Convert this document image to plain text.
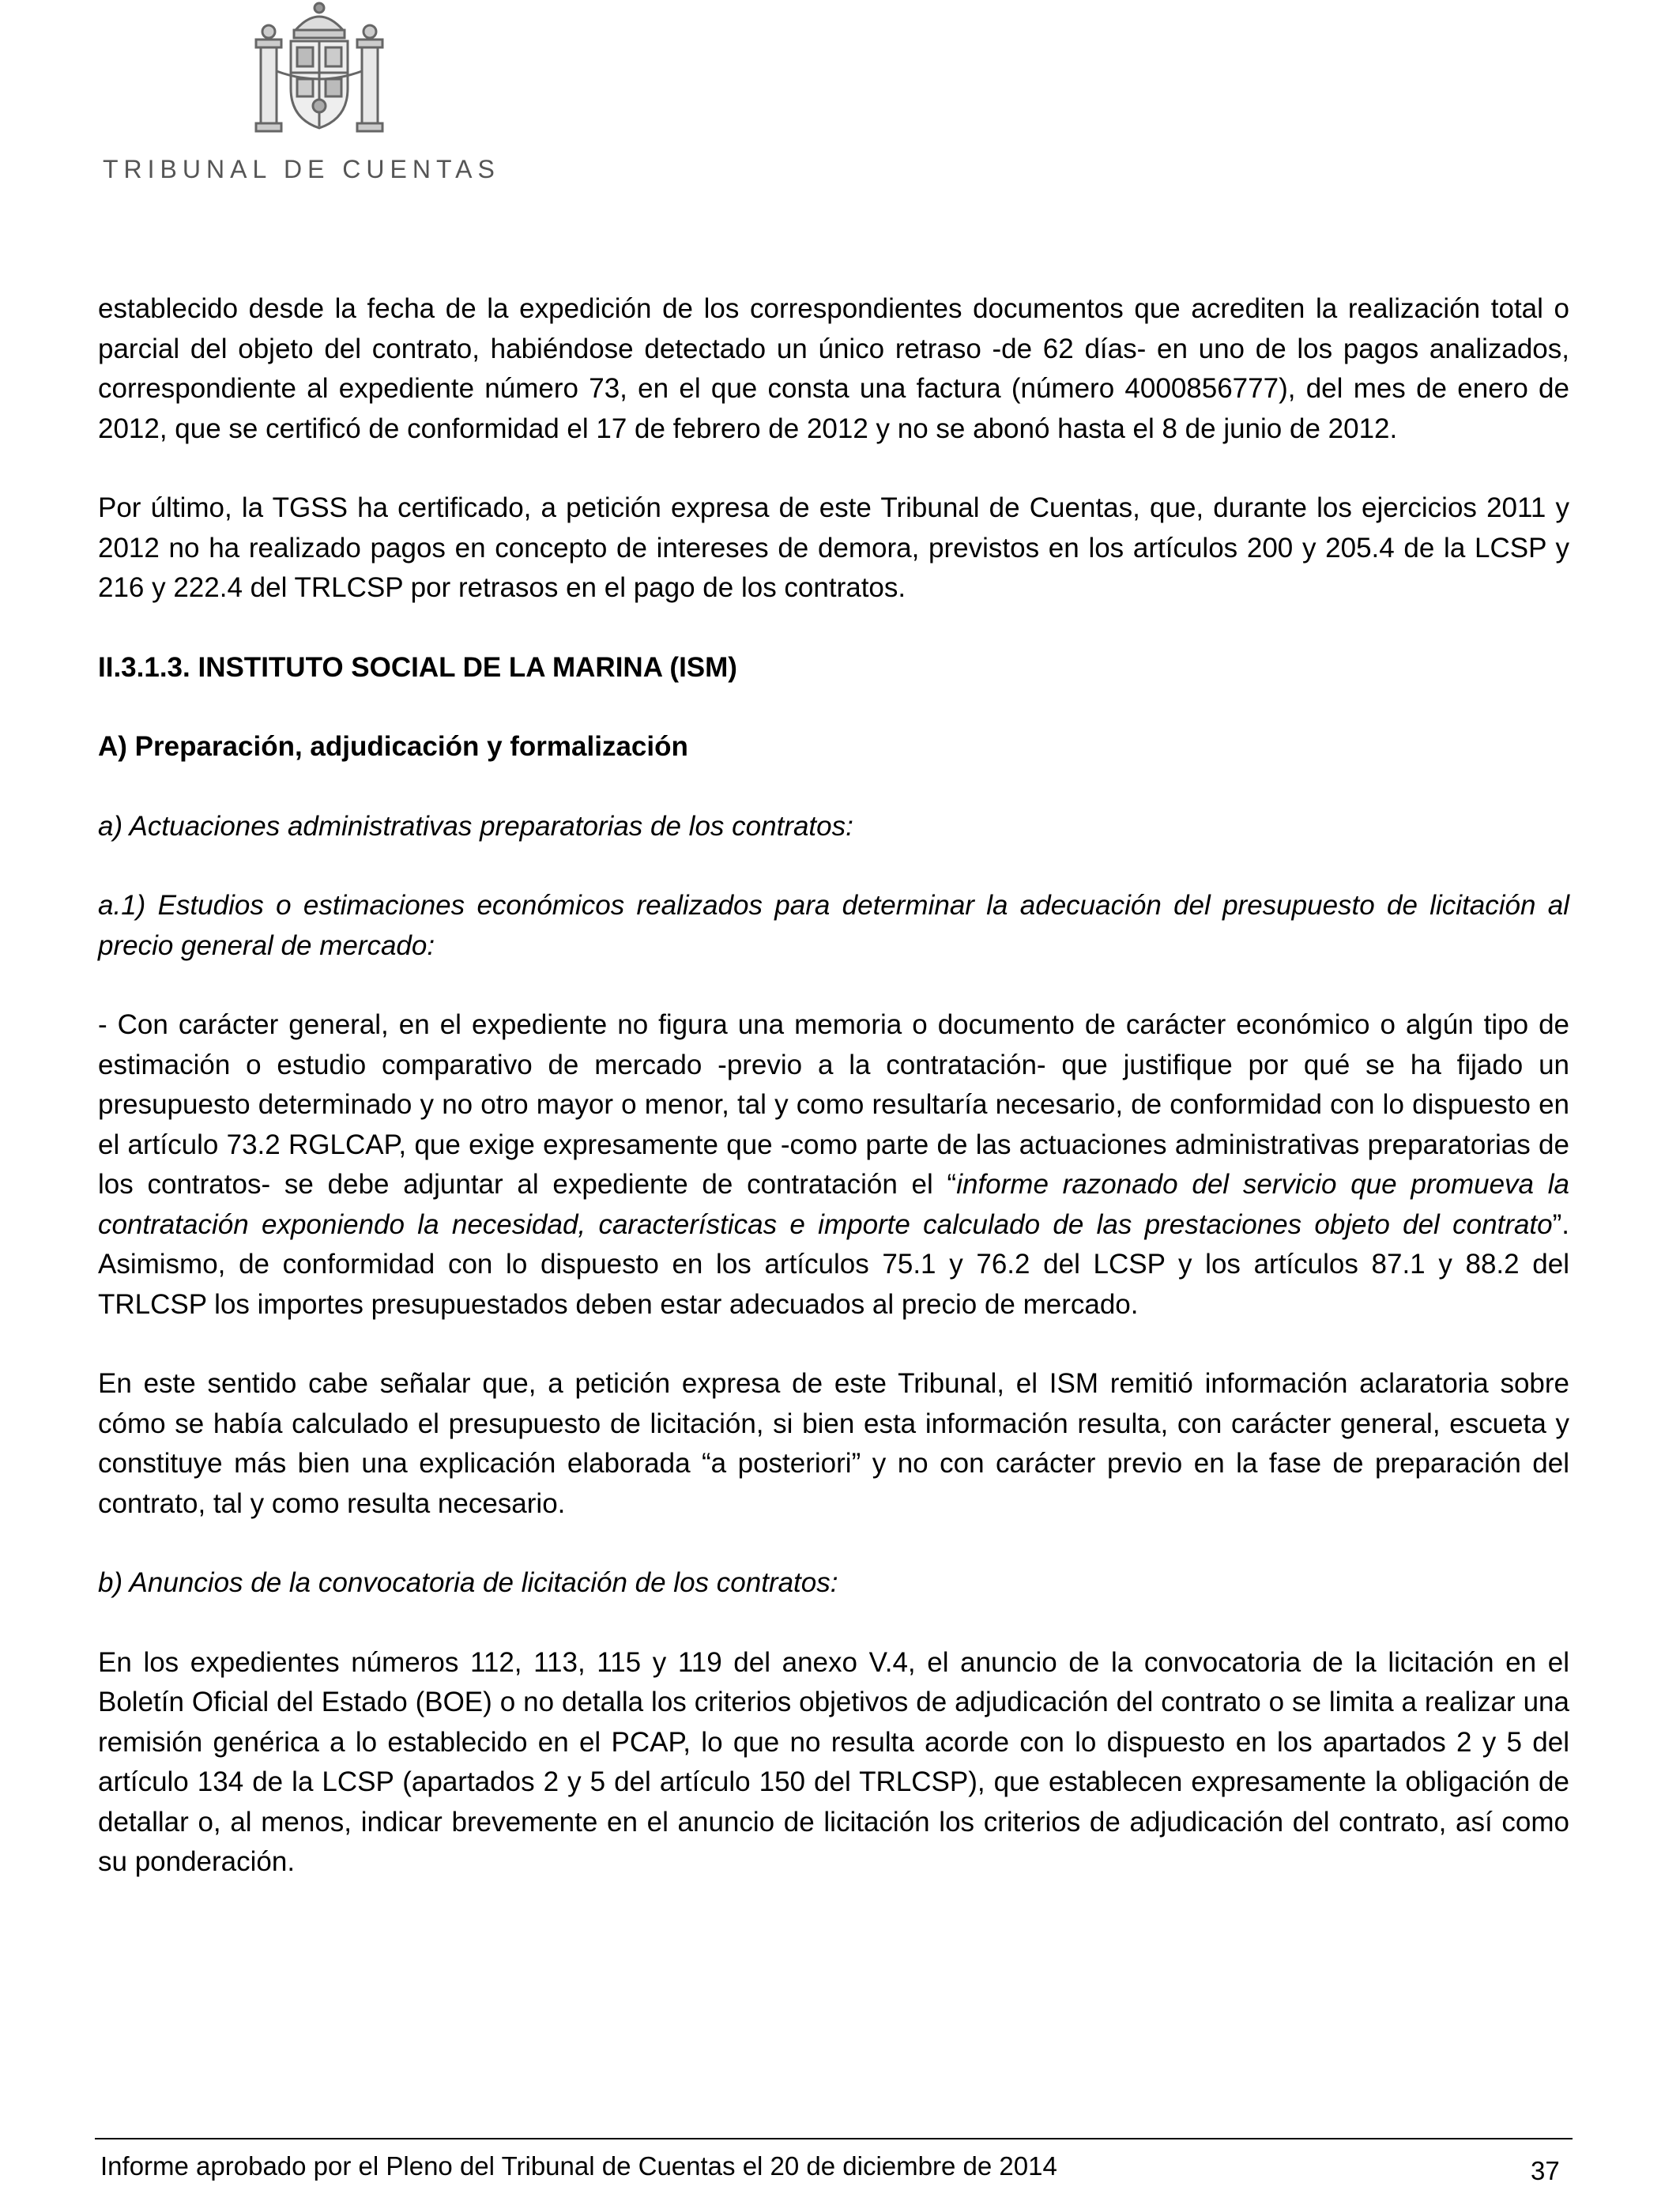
TRIBUNAL DE CUENTAS

establecido desde la fecha de la expedición de los correspondientes documentos que acrediten la realización total o parcial del objeto del contrato, habiéndose detectado un único retraso -de 62 días- en uno de los pagos analizados, correspondiente al expediente número 73, en el que consta una factura (número 4000856777), del mes de enero de 2012, que se certificó de conformidad el 17 de febrero de 2012 y no se abonó hasta el 8 de junio de 2012.

Por último, la TGSS ha certificado, a petición expresa de este Tribunal de Cuentas, que, durante los ejercicios 2011 y 2012 no ha realizado pagos en concepto de intereses de demora, previstos en los artículos 200 y 205.4 de la LCSP y 216 y 222.4 del TRLCSP por retrasos en el pago de los contratos.

II.3.1.3. INSTITUTO SOCIAL DE LA MARINA (ISM)

A) Preparación, adjudicación y formalización

a) Actuaciones administrativas preparatorias de los contratos:

a.1) Estudios o estimaciones económicos realizados para determinar la adecuación del presupuesto de licitación al precio general de mercado:

- Con carácter general, en el expediente no figura una memoria o documento de carácter económico o algún tipo de estimación o estudio comparativo de mercado -previo a la contratación- que justifique por qué se ha fijado un presupuesto determinado y no otro mayor o menor, tal y como resultaría necesario, de conformidad con lo dispuesto en el artículo 73.2 RGLCAP, que exige expresamente que -como parte de las actuaciones administrativas preparatorias de los contratos- se debe adjuntar al expediente de contratación el “informe razonado del servicio que promueva la contratación exponiendo la necesidad, características e importe calculado de las prestaciones objeto del contrato”. Asimismo, de conformidad con lo dispuesto en los artículos 75.1 y 76.2 del LCSP y los artículos 87.1 y 88.2 del TRLCSP los importes presupuestados deben estar adecuados al precio de mercado.

En este sentido cabe señalar que, a petición expresa de este Tribunal, el ISM remitió información aclaratoria sobre cómo se había calculado el presupuesto de licitación, si bien esta información resulta, con carácter general, escueta y constituye más bien una explicación elaborada “a posteriori” y no con carácter previo en la fase de preparación del contrato, tal y como resulta necesario.

b) Anuncios de la convocatoria de licitación de los contratos:

En los expedientes números 112, 113, 115 y 119 del anexo V.4, el anuncio de la convocatoria de la licitación en el Boletín Oficial del Estado (BOE) o no detalla los criterios objetivos de adjudicación del contrato o se limita a realizar una remisión genérica a lo establecido en el PCAP, lo que no resulta acorde con lo dispuesto en los apartados 2 y 5 del artículo 134 de la LCSP (apartados 2 y 5 del artículo 150 del TRLCSP), que establecen expresamente la obligación de detallar o, al menos, indicar brevemente en el anuncio de licitación los criterios de adjudicación del contrato, así como su ponderación.

37
Informe aprobado por el Pleno del Tribunal de Cuentas el 20 de diciembre de 2014
